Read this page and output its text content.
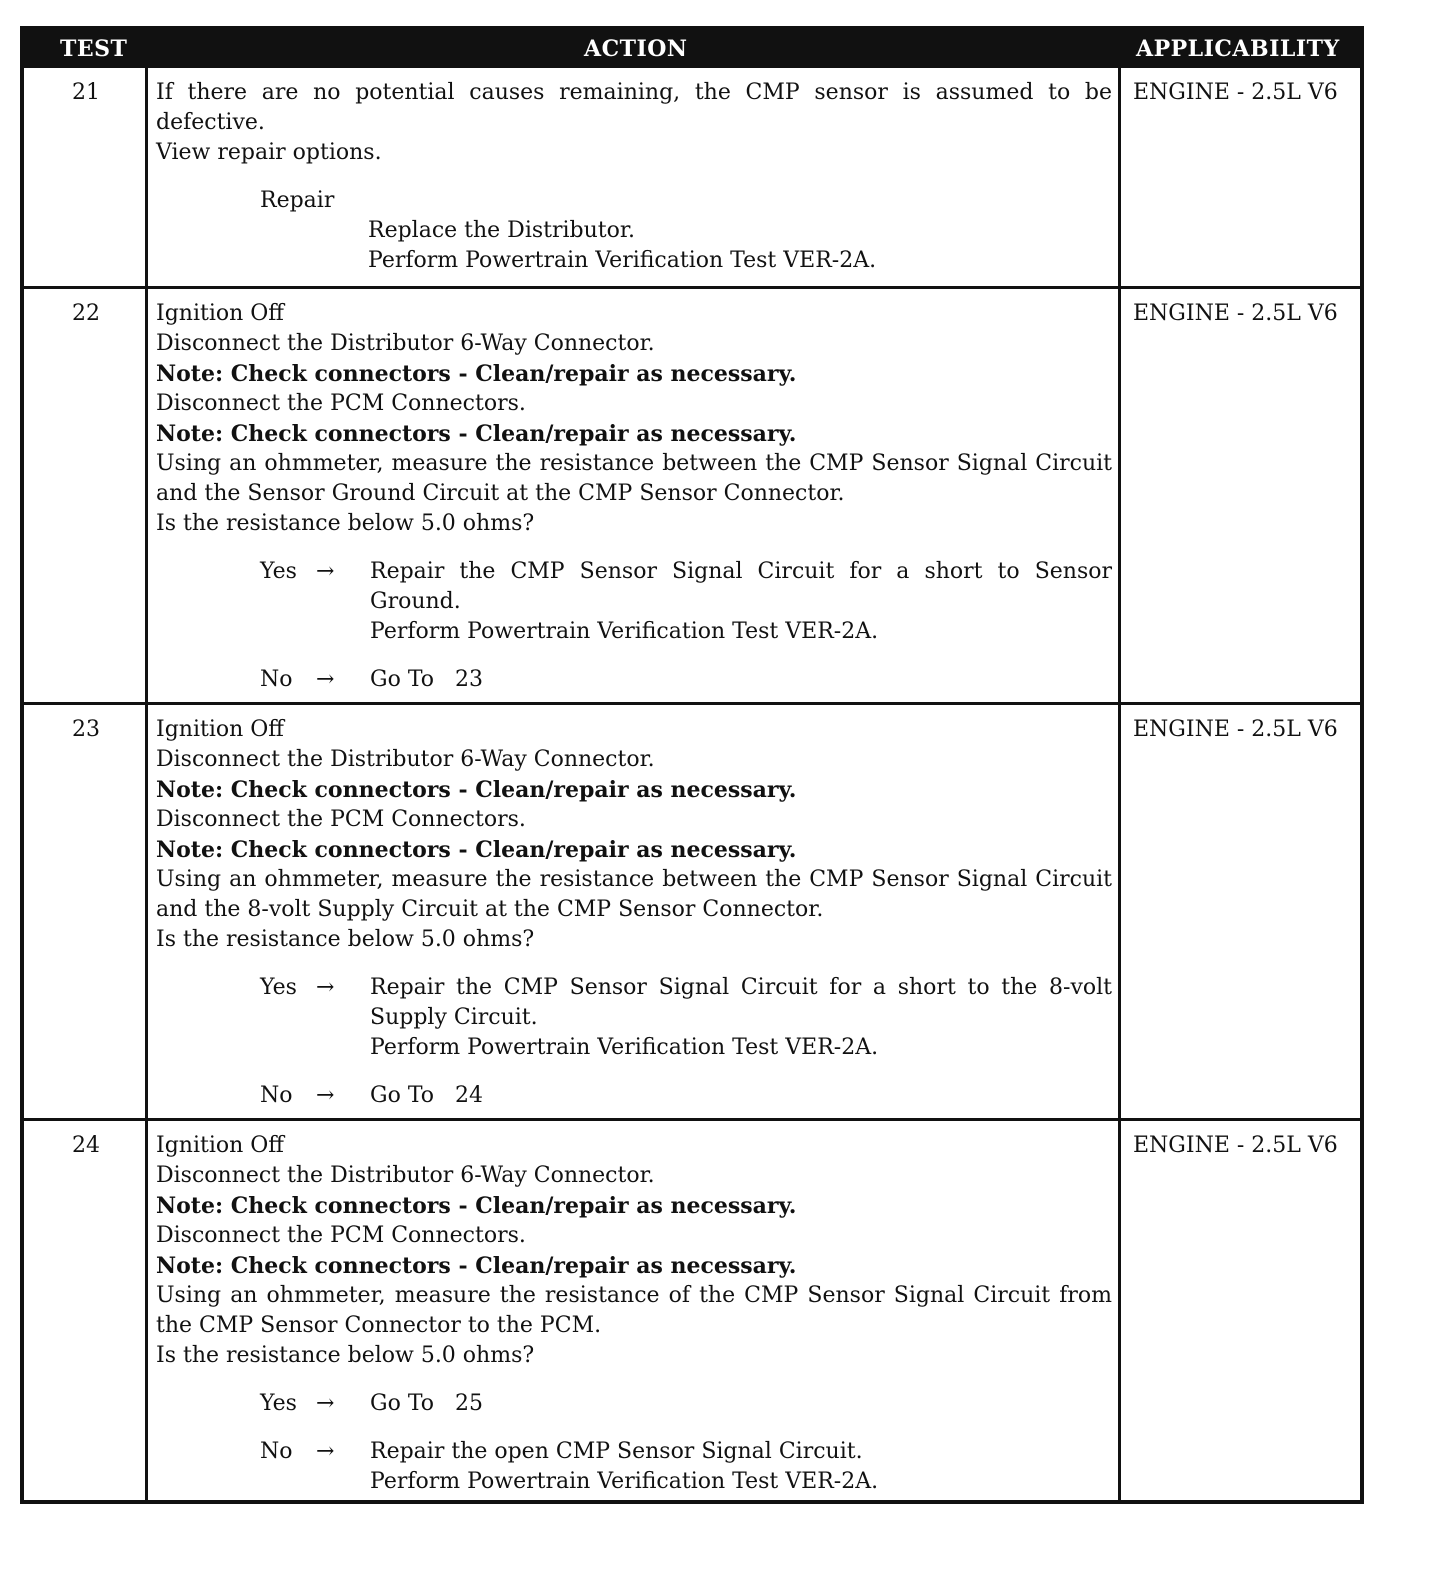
TEST	ACTION	APPLICABILITY
21	If there are no potential causes remaining, the CMP sensor is assumed to be defective.
View repair options.
Repair
Replace the Distributor.
Perform Powertrain Verification Test VER-2A.
ENGINE - 2.5L V6
22	Ignition Off
Disconnect the Distributor 6-Way Connector.
Note: Check connectors - Clean/repair as necessary.
Disconnect the PCM Connectors.
Note: Check connectors - Clean/repair as necessary.
Using an ohmmeter, measure the resistance between the CMP Sensor Signal Circuit and the Sensor Ground Circuit at the CMP Sensor Connector.
Is the resistance below 5.0 ohms?
Yes →	Repair the CMP Sensor Signal Circuit for a short to Sensor Ground.
Perform Powertrain Verification Test VER-2A.
No	→	Go To   23
ENGINE - 2.5L V6
23	Ignition Off
Disconnect the Distributor 6-Way Connector.
Note: Check connectors - Clean/repair as necessary.
Disconnect the PCM Connectors.
Note: Check connectors - Clean/repair as necessary.
Using an ohmmeter, measure the resistance between the CMP Sensor Signal Circuit and the 8-volt Supply Circuit at the CMP Sensor Connector.
Is the resistance below 5.0 ohms?
Yes →	Repair the CMP Sensor Signal Circuit for a short to the 8-volt Supply Circuit.
Perform Powertrain Verification Test VER-2A.
No	→	Go To   24
ENGINE - 2.5L V6
24	Ignition Off
Disconnect the Distributor 6-Way Connector.
Note: Check connectors - Clean/repair as necessary.
Disconnect the PCM Connectors.
Note: Check connectors - Clean/repair as necessary.
Using an ohmmeter, measure the resistance of the CMP Sensor Signal Circuit from the CMP Sensor Connector to the PCM.
Is the resistance below 5.0 ohms?
Yes →	Go To   25
No	→	Repair the open CMP Sensor Signal Circuit.
Perform Powertrain Verification Test VER-2A.
ENGINE - 2.5L V6
